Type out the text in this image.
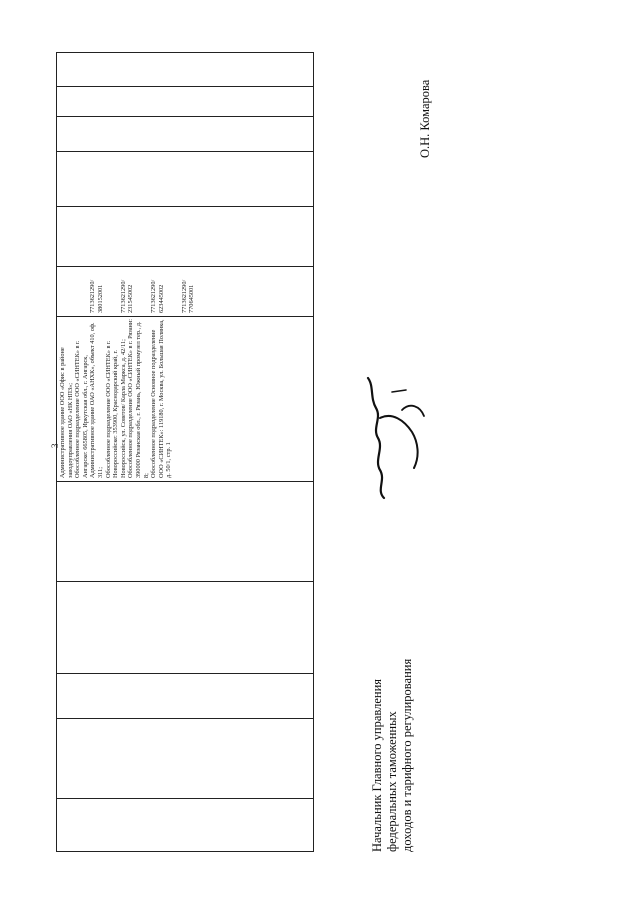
3 Административное здание ООО «Офис в районе заводоуправления ОАО «НК НПЗ»;
Обособленное подразделение ООО «СИНТЕК» в г. Ангарске: 665805, Иркутская обл., г. Ангарск, Административное здание ОАО «АНХК», объект 410, оф. 311;
Обособленное подразделение ООО «СИНТЕК» в г. Новороссийске: 353900, Краснодарский край, г. Новороссийск, ул. Советов/ Карла Маркса, д. 42/11;
Обособленное подразделение ООО «СИНТЕК» в г. Рязани: 390000 Рязанская обл., г. Рязань, Южный промузел тер., д. 8;
Обособленное подразделение Основное подразделение ООО «СИНТЕК»: 119180, г. Москва, ул. Большая Полянка, д. 50/1, стр. 1

7713621290/
380152001

7713621290/
231545002

7713621290/
623445002

7713621290/
770645001
Начальник Главного управления
федеральных таможенных
доходов и тарифного регулирования
О.Н. Комарова
